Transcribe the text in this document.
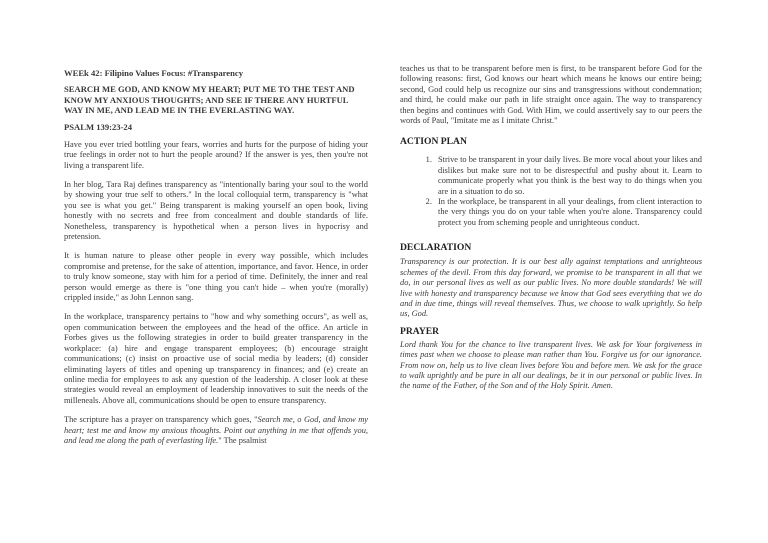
WEEk 42: Filipino Values Focus: #Transparency
SEARCH ME GOD, AND KNOW MY HEART; PUT ME TO THE TEST AND KNOW MY ANXIOUS THOUGHTS; AND SEE IF THERE ANY HURTFUL WAY IN ME, AND LEAD ME IN THE EVERLASTING WAY.
PSALM 139:23-24

Have you ever tried bottling your fears, worries and hurts for the purpose of hiding your true feelings in order not to hurt the people around? If the answer is yes, then you're not living a transparent life.

In her blog, Tara Raj defines transparency as "intentionally baring your soul to the world by showing your true self to others." In the local colloquial term, transparency is "what you see is what you get." Being transparent is making yourself an open book, living honestly with no secrets and free from concealment and double standards of life. Nonetheless, transparency is hypothetical when a person lives in hypocrisy and pretension.

It is human nature to please other people in every way possible, which includes compromise and pretense, for the sake of attention, importance, and favor. Hence, in order to truly know someone, stay with him for a period of time. Definitely, the inner and real person would emerge as there is "one thing you can't hide – when you're (morally) crippled inside," as John Lennon sang.

In the workplace, transparency pertains to "how and why something occurs", as well as, open communication between the employees and the head of the office. An article in Forbes gives us the following strategies in order to build greater transparency in the workplace: (a) hire and engage transparent employees; (b) encourage straight communications; (c) insist on proactive use of social media by leaders; (d) consider eliminating layers of titles and opening up transparency in finances; and (e) create an online media for employees to ask any question of the leadership. A closer look at these strategies would reveal an employment of leadership innovatives to suit the needs of the milleneals. Above all, communications should be open to ensure transparency.

The scripture has a prayer on transparency which goes, "Search me, o God, and know my heart; test me and know my anxious thoughts. Point out anything in me that offends you, and lead me along the path of everlasting life." The psalmist

teaches us that to be transparent before men is first, to be transparent before God for the following reasons: first, God knows our heart which means he knows our entire being; second, God could help us recognize our sins and transgressions without condemnation; and third, he could make our path in life straight once again. The way to transparency then begins and continues with God. With Him, we could assertively say to our peers the words of Paul, "Imitate me as I imitate Christ."

ACTION PLAN
1. Strive to be transparent in your daily lives. Be more vocal about your likes and dislikes but make sure not to be disrespectful and pushy about it. Learn to communicate properly what you think is the best way to do things when you are in a situation to do so.
2. In the workplace, be transparent in all your dealings, from client interaction to the very things you do on your table when you're alone. Transparency could protect you from scheming people and unrighteous conduct.
DECLARATION

Transparency is our protection. It is our best ally against temptations and unrighteous schemes of the devil. From this day forward, we promise to be transparent in all that we do, in our personal lives as well as our public lives. No more double standards! We will live with honesty and transparency because we know that God sees everything that we do and in due time, things will reveal themselves. Thus, we choose to walk uprightly. So help us, God.

PRAYER

Lord thank You for the chance to live transparent lives. We ask for Your forgiveness in times past when we choose to please man rather than You. Forgive us for our ignorance. From now on, help us to live clean lives before You and before men. We ask for the grace to walk uprightly and be pure in all our dealings, be it in our personal or public lives. In the name of the Father, of the Son and of the Holy Spirit. Amen.
